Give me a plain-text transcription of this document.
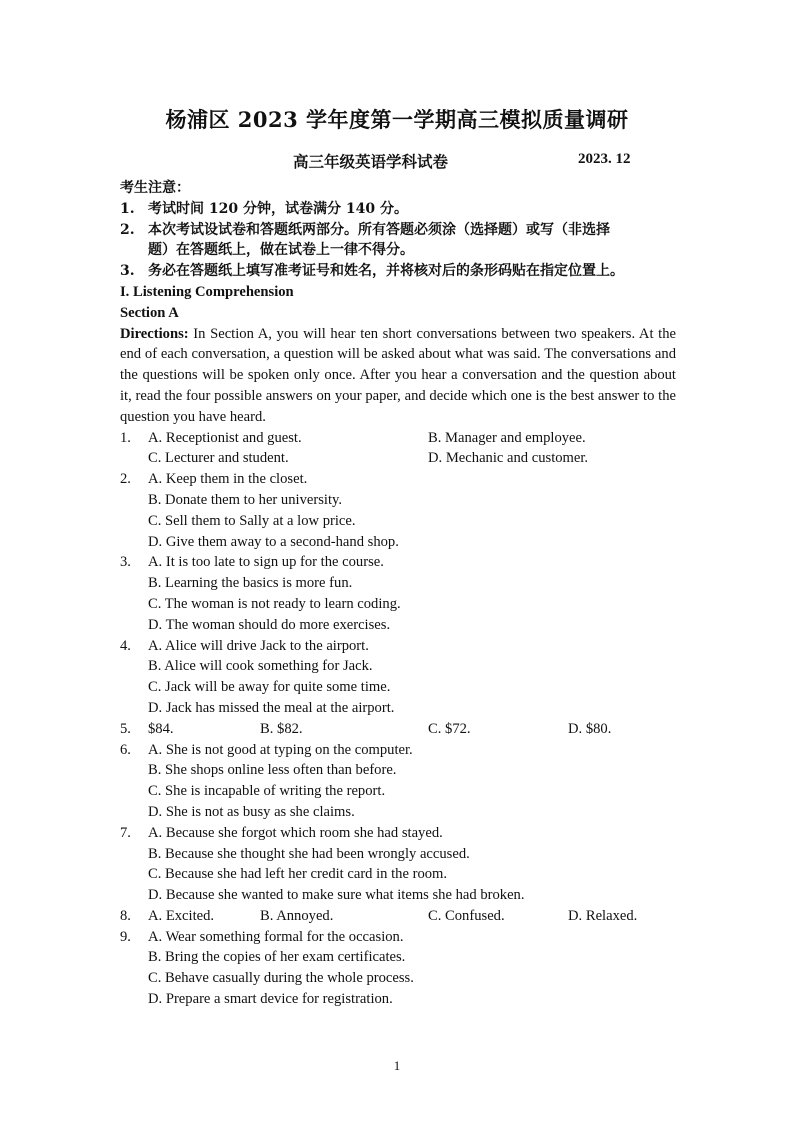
杨浦区 2023 学年度第一学期高三模拟质量调研
高三年级英语学科试卷	2023. 12
考生注意：
1. 考试时间 120 分钟，试卷满分 140 分。
2. 本次考试设试卷和答题纸两部分。所有答题必须涂（选择题）或写（非选择
题）在答题纸上，做在试卷上一律不得分。
3. 务必在答题纸上填写准考证号和姓名，并将核对后的条形码贴在指定位置上。
I. Listening Comprehension
Section A
Directions: In Section A, you will hear ten short conversations between two speakers. At the end of each conversation, a question will be asked about what was said. The conversations and the questions will be spoken only once. After you hear a conversation and the question about it, read the four possible answers on your paper, and decide which one is the best answer to the question you have heard.
1. A. Receptionist and guest.	B. Manager and employee.
C. Lecturer and student.	D. Mechanic and customer.
2. A. Keep them in the closet.
B. Donate them to her university.
C. Sell them to Sally at a low price.
D. Give them away to a second-hand shop.
3. A. It is too late to sign up for the course.
B. Learning the basics is more fun.
C. The woman is not ready to learn coding.
D. The woman should do more exercises.
4. A. Alice will drive Jack to the airport.
B. Alice will cook something for Jack.
C. Jack will be away for quite some time.
D. Jack has missed the meal at the airport.
5. $84.	B. $82.	C. $72.	D. $80.
6. A. She is not good at typing on the computer.
B. She shops online less often than before.
C. She is incapable of writing the report.
D. She is not as busy as she claims.
7. A. Because she forgot which room she had stayed.
B. Because she thought she had been wrongly accused.
C. Because she had left her credit card in the room.
D. Because she wanted to make sure what items she had broken.
8. A. Excited.	B. Annoyed.	C. Confused.	D. Relaxed.
9. A. Wear something formal for the occasion.
B. Bring the copies of her exam certificates.
C. Behave casually during the whole process.
D. Prepare a smart device for registration.
1
